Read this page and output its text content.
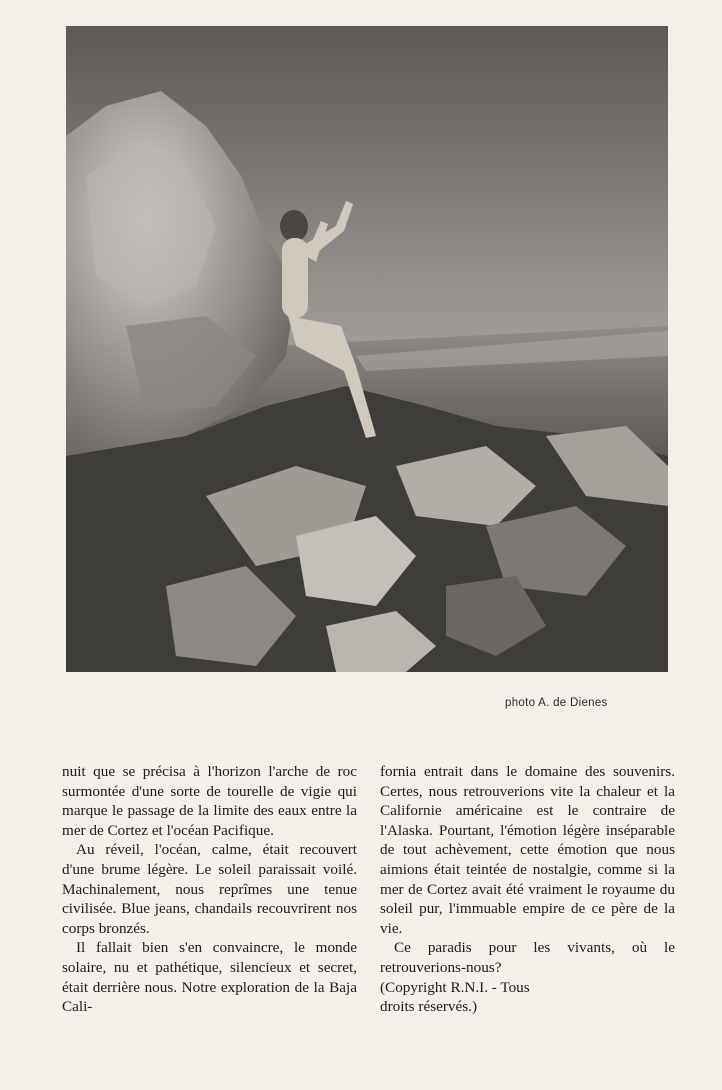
photo A. de Dienes

nuit que se précisa à l'horizon l'arche de roc surmontée d'une sorte de tourelle de vigie qui marque le passage de la limite des eaux entre la mer de Cortez et l'océan Pacifique.

Au réveil, l'océan, calme, était recouvert d'une brume légère. Le soleil paraissait voilé. Machinalement, nous reprîmes une tenue civilisée. Blue jeans, chandails recouvrirent nos corps bronzés.

Il fallait bien s'en convaincre, le monde solaire, nu et pathétique, silencieux et secret, était derrière nous. Notre exploration de la Baja Cali-

fornia entrait dans le domaine des souvenirs. Certes, nous retrouverions vite la chaleur et la Californie américaine est le contraire de l'Alaska. Pourtant, l'émotion légère inséparable de tout achèvement, cette émotion que nous aimions était teintée de nostalgie, comme si la mer de Cortez avait été vraiment le royaume du soleil pur, l'immuable empire de ce père de la vie.

Ce paradis pour les vivants, où le retrouverions-nous?

(Copyright R.N.I. - Tous
droits réservés.)
